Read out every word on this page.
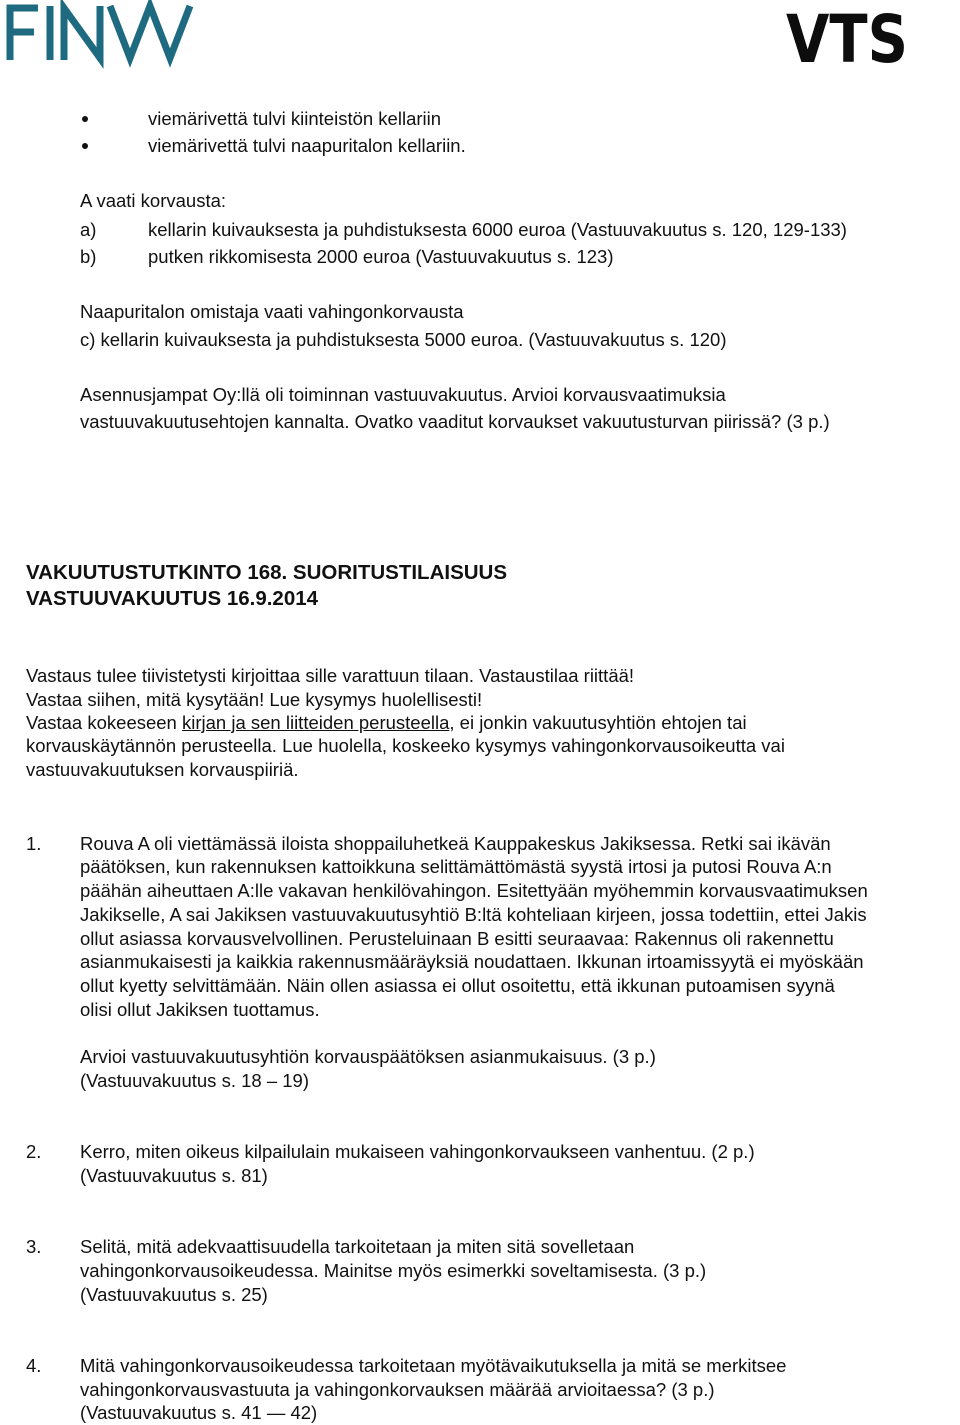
FINVA	VTS
viemärivettä tulvi kiinteistön kellariin
viemärivettä tulvi naapuritalon kellariin.
A vaati korvausta:
a)	kellarin kuivauksesta ja puhdistuksesta 6000 euroa (Vastuuvakuutus s. 120, 129-133)
b)	putken rikkomisesta 2000 euroa (Vastuuvakuutus s. 123)
Naapuritalon omistaja vaati vahingonkorvausta
c) kellarin kuivauksesta ja puhdistuksesta 5000 euroa. (Vastuuvakuutus s. 120)
Asennusjampat Oy:llä oli toiminnan vastuuvakuutus. Arvioi korvausvaatimuksia
vastuuvakuutusehtojen kannalta. Ovatko vaaditut korvaukset vakuutusturvan piirissä? (3 p.)
VAKUUTUSTUTKINTO 168. SUORITUSTILAISUUS
VASTUUVAKUUTUS 16.9.2014
Vastaus tulee tiivistetysti kirjoittaa sille varattuun tilaan. Vastaustilaa riittää!
Vastaa siihen, mitä kysytään! Lue kysymys huolellisesti!
Vastaa kokeeseen kirjan ja sen liitteiden perusteella, ei jonkin vakuutusyhtiön ehtojen tai
korvauskäytännön perusteella. Lue huolella, koskeeko kysymys vahingonkorvausoikeutta vai
vastuuvakuutuksen korvauspiiriä.
1. Rouva A oli viettämässä iloista shoppailuhetkeä Kauppakeskus Jakiksessa. Retki sai ikävän
päätöksen, kun rakennuksen kattoikkuna selittämättömästä syystä irtosi ja putosi Rouva A:n
päähän aiheuttaen A:lle vakavan henkilövahingon. Esitettyään myöhemmin korvausvaatimuksen
Jakikselle, A sai Jakiksen vastuuvakuutusyhtiö B:ltä kohteliaan kirjeen, jossa todettiin, ettei Jakis
ollut asiassa korvausvelvollinen. Perusteluinaan B esitti seuraavaa: Rakennus oli rakennettu
asianmukaisesti ja kaikkia rakennusmääräyksiä noudattaen. Ikkunan irtoamissyytä ei myöskään
ollut kyetty selvittämään. Näin ollen asiassa ei ollut osoitettu, että ikkunan putoamisen syynä
olisi ollut Jakiksen tuottamus.
Arvioi vastuuvakuutusyhtiön korvauspäätöksen asianmukaisuus. (3 p.)
(Vastuuvakuutus s. 18 – 19)
2. Kerro, miten oikeus kilpailulain mukaiseen vahingonkorvaukseen vanhentuu. (2 p.)
(Vastuuvakuutus s. 81)
3. Selitä, mitä adekvaattisuudella tarkoitetaan ja miten sitä sovelletaan
vahingonkorvausoikeudessa. Mainitse myös esimerkki soveltamisesta. (3 p.)
(Vastuuvakuutus s. 25)
4. Mitä vahingonkorvausoikeudessa tarkoitetaan myötävaikutuksella ja mitä se merkitsee
vahingonkorvausvastuuta ja vahingonkorvauksen määrää arvioitaessa? (3 p.)
(Vastuuvakuutus s. 41 — 42)
